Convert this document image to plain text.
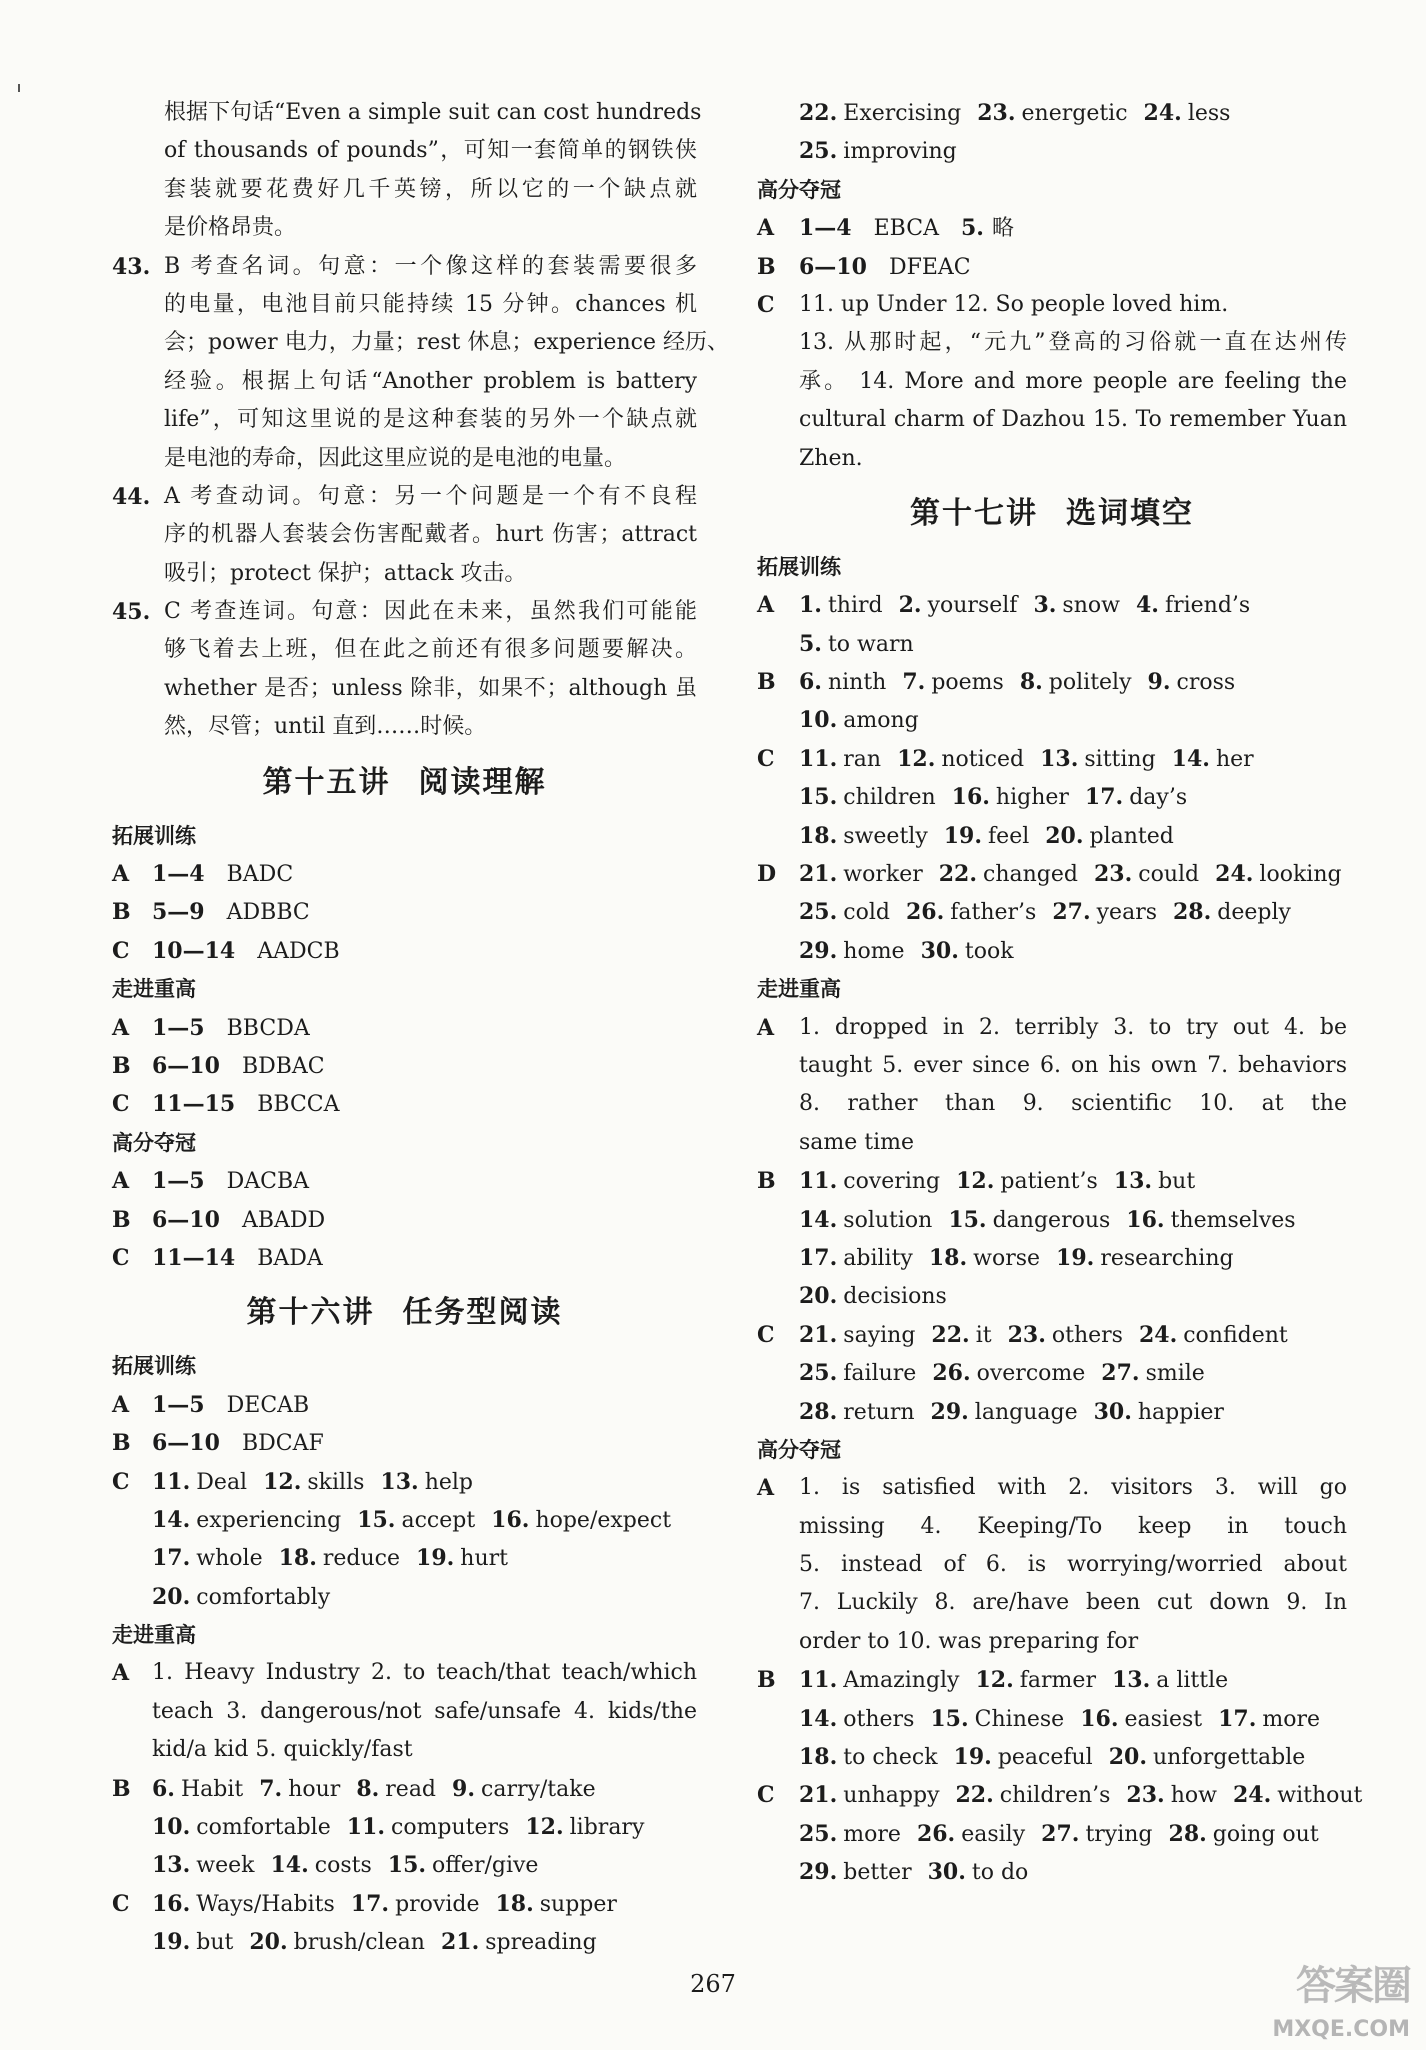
根据下句话“Even a simple suit can cost hundreds
of thousands of pounds”，可知一套简单的钢铁侠
套装就要花费好几千英镑，所以它的一个缺点就
是价格昂贵。
B 考查名词。句意：一个像这样的套装需要很多
43.
的电量，电池目前只能持续 15 分钟。chances 机
会；power 电力，力量；rest 休息；experience 经历、
经验。根据上句话“Another problem is battery
life”，可知这里说的是这种套装的另外一个缺点就
是电池的寿命，因此这里应说的是电池的电量。
A 考查动词。句意：另一个问题是一个有不良程
44.
序的机器人套装会伤害配戴者。hurt 伤害；attract
吸引；protect 保护；attack 攻击。
C 考查连词。句意：因此在未来，虽然我们可能能
45.
够飞着去上班，但在此之前还有很多问题要解决。
whether 是否；unless 除非，如果不；although 虽
然，尽管；until 直到……时候。
第十五讲 阅读理解
拓展训练
A 1—4 BADC
B 5—9 ADBBC
C 10—14 AADCB
走进重高
A 1—5 BBCDA
B 6—10 BDBAC
C 11—15 BBCCA
高分夺冠
A 1—5 DACBA
B 6—10 ABADD
C 11—14 BADA
第十六讲 任务型阅读
拓展训练
A 1—5 DECAB
B 6—10 BDCAF
C 11. Deal 12. skills 13. help
14. experiencing 15. accept 16. hope/expect
17. whole 18. reduce 19. hurt
20. comfortably
走进重高
1. Heavy Industry 2. to teach/that teach/which
A
teach 3. dangerous/not safe/unsafe 4. kids/the
kid/a kid 5. quickly/fast
B 6. Habit 7. hour 8. read 9. carry/take
10. comfortable 11. computers 12. library
13. week 14. costs 15. offer/give
C 16. Ways/Habits 17. provide 18. supper
19. but 20. brush/clean 21. spreading
22. Exercising 23. energetic 24. less
25. improving
高分夺冠
A 1—4 EBCA 5. 略
B 6—10 DFEAC
11. up Under 12. So people loved him.
C
13. 从那时起，“元九”登高的习俗就一直在达州传
承。 14. More and more people are feeling the
cultural charm of Dazhou 15. To remember Yuan
Zhen.
第十七讲 选词填空
拓展训练
A 1. third 2. yourself 3. snow 4. friend’s
5. to warn
B 6. ninth 7. poems 8. politely 9. cross
10. among
C 11. ran 12. noticed 13. sitting 14. her
15. children 16. higher 17. day’s
18. sweetly 19. feel 20. planted
D 21. worker 22. changed 23. could 24. looking
25. cold 26. father’s 27. years 28. deeply
29. home 30. took
走进重高
1. dropped in 2. terribly 3. to try out 4. be
A
taught 5. ever since 6. on his own 7. behaviors
8. rather than 9. scientific 10. at the
same time
B 11. covering 12. patient’s 13. but
14. solution 15. dangerous 16. themselves
17. ability 18. worse 19. researching
20. decisions
C 21. saying 22. it 23. others 24. confident
25. failure 26. overcome 27. smile
28. return 29. language 30. happier
高分夺冠
1. is satisfied with 2. visitors 3. will go
A
missing 4. Keeping/To keep in touch
5. instead of 6. is worrying/worried about
7. Luckily 8. are/have been cut down 9. In
order to 10. was preparing for
B 11. Amazingly 12. farmer 13. a little
14. others 15. Chinese 16. easiest 17. more
18. to check 19. peaceful 20. unforgettable
C 21. unhappy 22. children’s 23. how 24. without
25. more 26. easily 27. trying 28. going out
29. better 30. to do
267	答案圈
MXQE.COM
